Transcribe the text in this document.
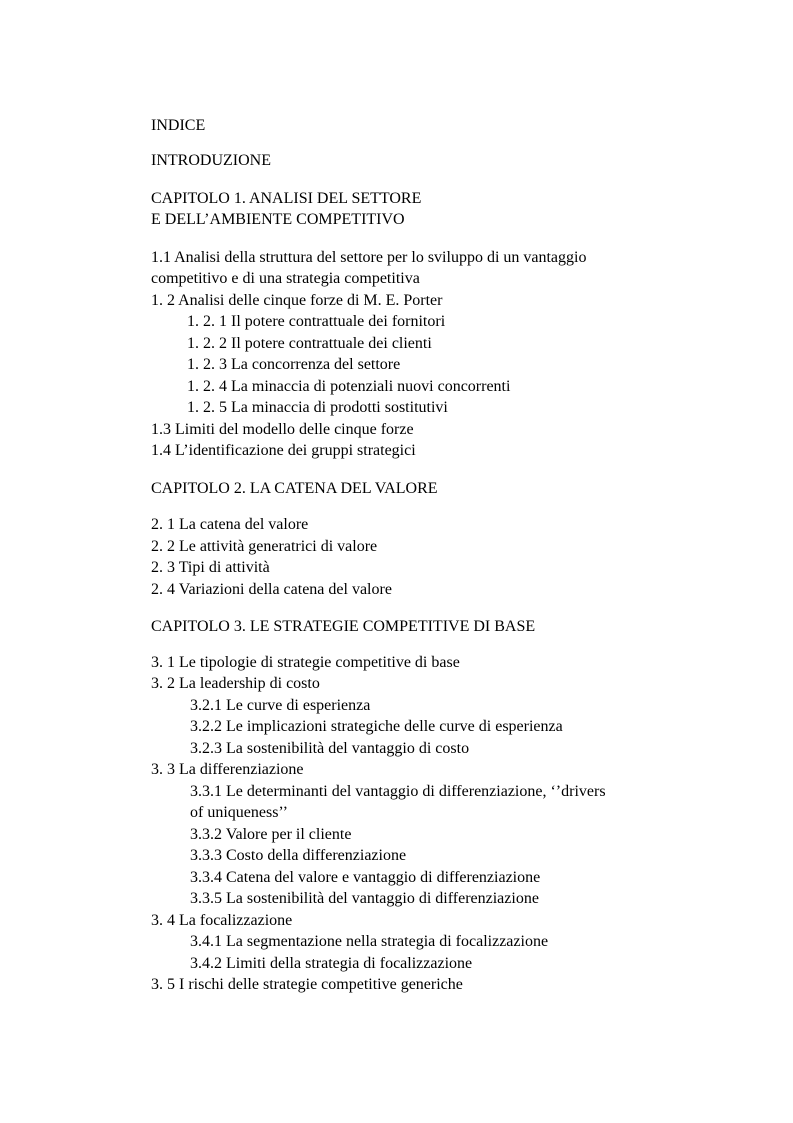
INDICE
INTRODUZIONE
CAPITOLO 1. ANALISI DEL SETTORE
E DELL’AMBIENTE COMPETITIVO
1.1 Analisi della struttura del settore per lo sviluppo di un vantaggio
competitivo e di una strategia competitiva
1. 2 Analisi delle cinque forze di M. E. Porter
1. 2. 1 Il potere contrattuale dei fornitori
1. 2. 2 Il potere contrattuale dei clienti
1. 2. 3 La concorrenza del settore
1. 2. 4 La minaccia di potenziali nuovi concorrenti
1. 2. 5 La minaccia di prodotti sostitutivi
1.3 Limiti del modello delle cinque forze
1.4 L’identificazione dei gruppi strategici
CAPITOLO 2. LA CATENA DEL VALORE
2. 1 La catena del valore
2. 2 Le attività generatrici di valore
2. 3 Tipi di attività
2. 4 Variazioni della catena del valore
CAPITOLO 3. LE STRATEGIE COMPETITIVE DI BASE
3. 1 Le tipologie di strategie competitive di base
3. 2 La leadership di costo
3.2.1 Le curve di esperienza
3.2.2 Le implicazioni strategiche delle curve di esperienza
3.2.3 La sostenibilità del vantaggio di costo
3. 3 La differenziazione
3.3.1 Le determinanti del vantaggio di differenziazione, ‘’drivers
of uniqueness’’
3.3.2 Valore per il cliente
3.3.3 Costo della differenziazione
3.3.4 Catena del valore e vantaggio di differenziazione
3.3.5 La sostenibilità del vantaggio di differenziazione
3. 4 La focalizzazione
3.4.1 La segmentazione nella strategia di focalizzazione
3.4.2 Limiti della strategia di focalizzazione
3. 5 I rischi delle strategie competitive generiche
